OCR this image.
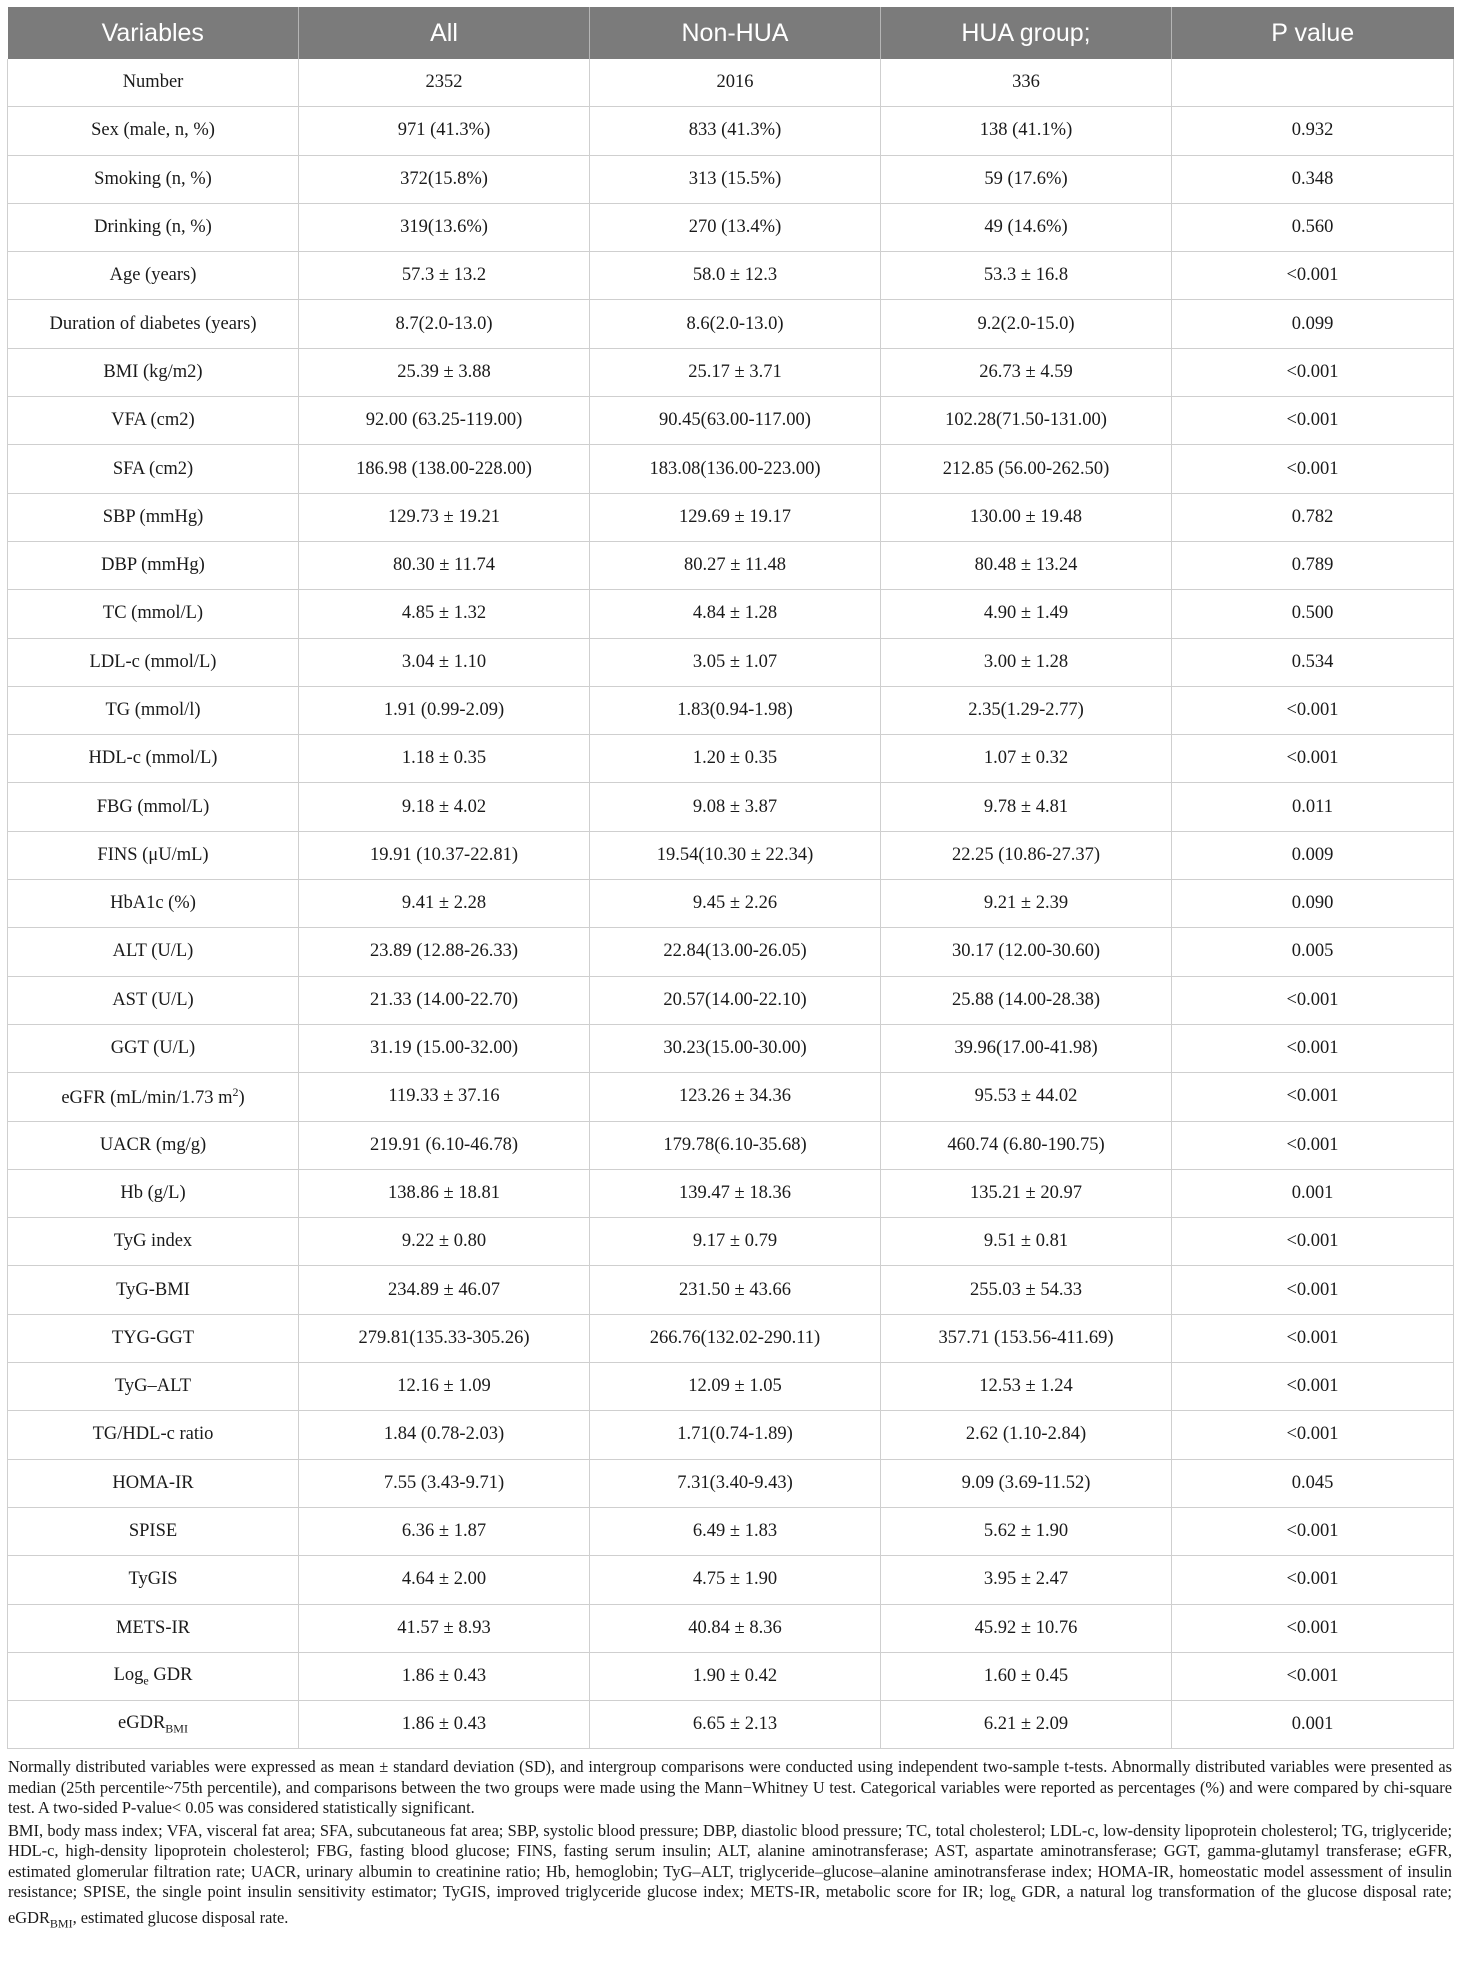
Variables	All	Non-HUA	HUA group;	P value
Number	2352	2016	336	
Sex (male, n, %)	971 (41.3%)	833 (41.3%)	138 (41.1%)	0.932
Smoking (n, %)	372(15.8%)	313 (15.5%)	59 (17.6%)	0.348
Drinking (n, %)	319(13.6%)	270 (13.4%)	49 (14.6%)	0.560
Age (years)	57.3 ± 13.2	58.0 ± 12.3	53.3 ± 16.8	<0.001
Duration of diabetes (years)	8.7(2.0-13.0)	8.6(2.0-13.0)	9.2(2.0-15.0)	0.099
BMI (kg/m2)	25.39 ± 3.88	25.17 ± 3.71	26.73 ± 4.59	<0.001
VFA (cm2)	92.00 (63.25-119.00)	90.45(63.00-117.00)	102.28(71.50-131.00)	<0.001
SFA (cm2)	186.98 (138.00-228.00)	183.08(136.00-223.00)	212.85 (56.00-262.50)	<0.001
SBP (mmHg)	129.73 ± 19.21	129.69 ± 19.17	130.00 ± 19.48	0.782
DBP (mmHg)	80.30 ± 11.74	80.27 ± 11.48	80.48 ± 13.24	0.789
TC (mmol/L)	4.85 ± 1.32	4.84 ± 1.28	4.90 ± 1.49	0.500
LDL-c (mmol/L)	3.04 ± 1.10	3.05 ± 1.07	3.00 ± 1.28	0.534
TG (mmol/l)	1.91 (0.99-2.09)	1.83(0.94-1.98)	2.35(1.29-2.77)	<0.001
HDL-c (mmol/L)	1.18 ± 0.35	1.20 ± 0.35	1.07 ± 0.32	<0.001
FBG (mmol/L)	9.18 ± 4.02	9.08 ± 3.87	9.78 ± 4.81	0.011
FINS (μU/mL)	19.91 (10.37-22.81)	19.54(10.30 ± 22.34)	22.25 (10.86-27.37)	0.009
HbA1c (%)	9.41 ± 2.28	9.45 ± 2.26	9.21 ± 2.39	0.090
ALT (U/L)	23.89 (12.88-26.33)	22.84(13.00-26.05)	30.17 (12.00-30.60)	0.005
AST (U/L)	21.33 (14.00-22.70)	20.57(14.00-22.10)	25.88 (14.00-28.38)	<0.001
GGT (U/L)	31.19 (15.00-32.00)	30.23(15.00-30.00)	39.96(17.00-41.98)	<0.001
eGFR (mL/min/1.73 $m^2$)	119.33 ± 37.16	123.26 ± 34.36	95.53 ± 44.02	<0.001
UACR (mg/g)	219.91 (6.10-46.78)	179.78(6.10-35.68)	460.74 (6.80-190.75)	<0.001
Hb (g/L)	138.86 ± 18.81	139.47 ± 18.36	135.21 ± 20.97	0.001
TyG index	9.22 ± 0.80	9.17 ± 0.79	9.51 ± 0.81	<0.001
TyG-BMI	234.89 ± 46.07	231.50 ± 43.66	255.03 ± 54.33	<0.001
TYG-GGT	279.81(135.33-305.26)	266.76(132.02-290.11)	357.71 (153.56-411.69)	<0.001
TyG–ALT	12.16 ± 1.09	12.09 ± 1.05	12.53 ± 1.24	<0.001
TG/HDL-c ratio	1.84 (0.78-2.03)	1.71(0.74-1.89)	2.62 (1.10-2.84)	<0.001
HOMA-IR	7.55 (3.43-9.71)	7.31(3.40-9.43)	9.09 (3.69-11.52)	0.045
SPISE	6.36 ± 1.87	6.49 ± 1.83	5.62 ± 1.90	<0.001
TyGIS	4.64 ± 2.00	4.75 ± 1.90	3.95 ± 2.47	<0.001
METS-IR	41.57 ± 8.93	40.84 ± 8.36	45.92 ± 10.76	<0.001
Log$_e$ GDR	1.86 ± 0.43	1.90 ± 0.42	1.60 ± 0.45	<0.001
eGDR$_{BMI}$	1.86 ± 0.43	6.65 ± 2.13	6.21 ± 2.09	0.001

Normally distributed variables were expressed as mean ± standard deviation (SD), and intergroup comparisons were conducted using independent two-sample t-tests. Abnormally distributed variables were presented as median (25th percentile~75th percentile), and comparisons between the two groups were made using the Mann−Whitney U test. Categorical variables were reported as percentages (%) and were compared by chi-square test. A two-sided P-value< 0.05 was considered statistically significant.

BMI, body mass index; VFA, visceral fat area; SFA, subcutaneous fat area; SBP, systolic blood pressure; DBP, diastolic blood pressure; TC, total cholesterol; LDL-c, low-density lipoprotein cholesterol; TG, triglyceride; HDL-c, high-density lipoprotein cholesterol; FBG, fasting blood glucose; FINS, fasting serum insulin; ALT, alanine aminotransferase; AST, aspartate aminotransferase; GGT, gamma-glutamyl transferase; eGFR, estimated glomerular filtration rate; UACR, urinary albumin to creatinine ratio; Hb, hemoglobin; TyG–ALT, triglyceride–glucose–alanine aminotransferase index; HOMA-IR, homeostatic model assessment of insulin resistance; SPISE, the single point insulin sensitivity estimator; TyGIS, improved triglyceride glucose index; METS-IR, metabolic score for IR; $\log_e$ GDR, a natural log transformation of the glucose disposal rate; eGDR$_{BMI}$, estimated glucose disposal rate.
